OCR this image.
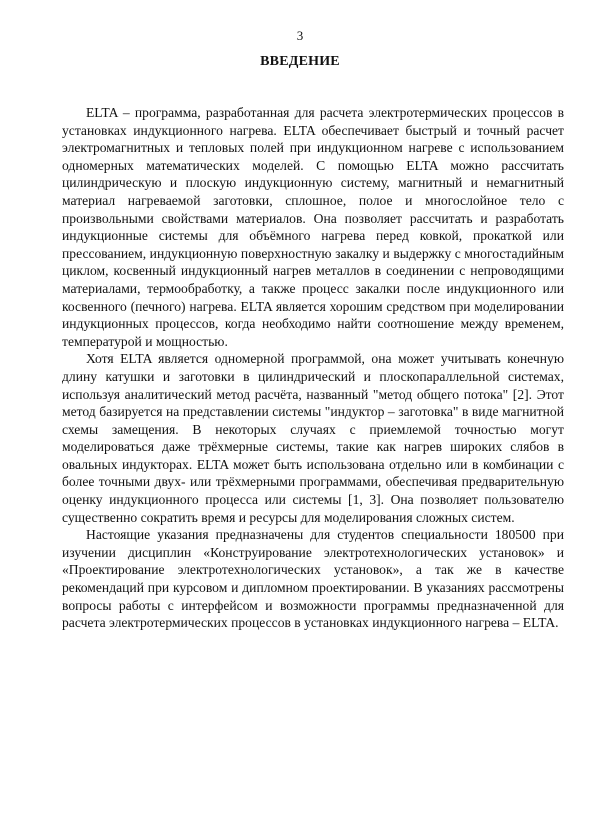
3
ВВЕДЕНИЕ

ELTA – программа, разработанная для расчета электротермических процессов в установках индукционного нагрева. ELTA обеспечивает быстрый и точный расчет электромагнитных и тепловых полей при индукционном нагреве с использованием одномерных математических моделей. С помощью ELTA можно рассчитать цилиндрическую и плоскую индукционную систему, магнитный и немагнитный материал нагреваемой заготовки, сплошное, полое и многослойное тело с произвольными свойствами материалов. Она позволяет рассчитать и разработать индукционные системы для объёмного нагрева перед ковкой, прокаткой или прессованием, индукционную поверхностную закалку и выдержку с многостадийным циклом, косвенный индукционный нагрев металлов в соединении с непроводящими материалами, термообработку, а также процесс закалки после индукционного или косвенного (печного) нагрева. ELTA является хорошим средством при моделировании индукционных процессов, когда необходимо найти соотношение между временем, температурой и мощностью.

Хотя ELTA является одномерной программой, она может учитывать конечную длину катушки и заготовки в цилиндрический и плоскопараллельной системах, используя аналитический метод расчёта, названный "метод общего потока" [2]. Этот метод базируется на представлении системы "индуктор – заготовка" в виде магнитной схемы замещения. В некоторых случаях с приемлемой точностью могут моделироваться даже трёхмерные системы, такие как нагрев широких слябов в овальных индукторах. ELTA может быть использована отдельно или в комбинации с более точными двух- или трёхмерными программами, обеспечивая предварительную оценку индукционного процесса или системы [1, 3]. Она позволяет пользователю существенно сократить время и ресурсы для моделирования сложных систем.

Настоящие указания предназначены для студентов специальности 180500 при изучении дисциплин «Конструирование электротехнологических установок» и «Проектирование электротехнологических установок», а так же в качестве рекомендаций при курсовом и дипломном проектировании. В указаниях рассмотрены вопросы работы с интерфейсом и возможности программы предназначенной для расчета электротермических процессов в установках индукционного нагрева – ELTA.
